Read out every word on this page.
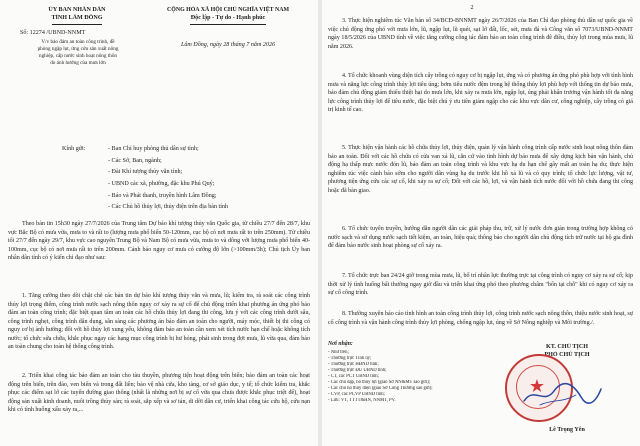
ỦY BAN NHÂN DÂN
TỈNH LÂM ĐỒNG
Số: 12274 /UBND-NNMT
V/v bảo đảm an toàn công trình, đề
phòng ngập lụt, ứng cứu sản xuất nông
nghiệp, cấp nước sinh hoạt nông thôn
do ảnh hưởng của mưa lớn
CỘNG HÒA XÃ HỘI CHỦ NGHĨA VIỆT NAM
Độc lập - Tự do - Hạnh phúc
Lâm Đồng, ngày 28 tháng 7 năm 2026
Kính gửi:	- Ban Chỉ huy phòng thủ dân sự tỉnh;
- Các Sở, Ban, ngành;
- Đài Khí tượng thủy văn tỉnh;
- UBND các xã, phường, đặc khu Phú Quý;
- Báo và Phát thanh, truyền hình Lâm Đồng;
- Các Chủ hồ thủy lợi, thủy điện trên địa bàn tỉnh
Theo bản tin 15h30 ngày 27/7/2026 của Trung tâm Dự báo khí tượng thủy văn Quốc gia, từ chiều 27/7 đến 28/7, khu vực Bắc Bộ có mưa vừa, mưa to và rất to (lượng mưa phổ biến 50-120mm, cục bộ có nơi mưa rất to trên 250mm). Từ chiều tối 27/7 đến ngày 29/7, khu vực cao nguyên Trung Bộ và Nam Bộ có mưa vừa, mưa to và dông với lượng mưa phổ biến 40-100mm, cục bộ có nơi mưa rất to trên 200mm. Cảnh báo nguy cơ mưa có cường độ lớn (>100mm/3h); Chủ tịch Ủy ban nhân dân tỉnh có ý kiến chỉ đạo như sau:
1. Tăng cường theo dõi chặt chẽ các bản tin dự báo khí tượng thủy văn và mưa, lũ; kiểm tra, rà soát các công trình thủy lợi trọng điểm, công trình nước sạch nông thôn nguy cơ xảy ra sự cố để chủ động triển khai phương án ứng phó bảo đảm an toàn công trình; đặc biệt quan tâm an toàn các hồ chứa thủy lợi đang thi công, lưu ý với các công trình dưới sâu, công trình nghẹt, công trình dân dụng, sẵn sàng các phương án bảo đảm an toàn cho người, máy móc, thiết bị thi công có nguy cơ bị ảnh hưởng; đối với hồ thủy lợi xung yếu, không đảm bảo an toàn cần xem xét tích nước hạn chế hoặc không tích nước; tổ chức sửa chữa, khắc phục ngay các hạng mục công trình bị hư hỏng, phát sinh trong đợt mưa, lũ vừa qua, đảm bảo an toàn chung cho toàn hệ thống công trình.
2. Triển khai công tác bảo đảm an toàn cho tàu thuyền, phương tiện hoạt động trên biển; bảo đảm an toàn các hoạt động trên biển, trên đảo, ven biển và trong đất liền; bảo vệ nhà cửa, kho tàng, cơ sở giáo dục, y tế; tổ chức kiểm tra, khắc phục các điểm sạt lở các tuyến đường giao thông (nhất là những nơi bị sự cố vừa qua chưa được khắc phục triệt để), hoạt động sản xuất kinh doanh, nuôi trồng thủy sản; rà soát, sắp xếp và sơ tán, di dời dân cư, triển khai công tác cứu hộ, cứu nạn khi có tình huống xấu xảy ra,...
2
3. Thực hiện nghiêm túc Văn bản số 34/BCĐ-BNNMT ngày 26/7/2026 của Ban Chỉ đạo phòng thủ dân sự quốc gia về việc chủ động ứng phó với mưa lớn, lũ, ngập lụt, lũ quét, sạt lở đất, lốc, sét, mưa đá và Công văn số 7073/UBND-NNMT ngày 18/5/2026 của UBND tỉnh về việc tăng cường công tác đảm bảo an toàn công trình đê điều, thủy lợi trong mùa mưa, lũ năm 2026.
4. Tổ chức khoanh vùng diện tích cây trồng có nguy cơ bị ngập lụt, ứng và có phương án ứng phó phù hợp với tình hình mưa và năng lực công trình thủy lợi tiêu úng; bơm tiêu nước đệm trong hệ thống thủy lợi phù hợp với thống tin dự báo mưa, bảo đảm chủ động giảm thiểu thiệt hại do mưa lớn, khi xảy ra mưa lớn, ngập lụt, úng phải khẩn trương vận hành tối đa năng lực công trình thủy lợi để tiêu nước, đặc biệt chú ý ưu tiên giảm ngập cho các khu vực dân cư, công nghiệp, cây trồng có giá trị kinh tế cao.
5. Thực hiện vận hành các hồ chứa thủy lợi, thủy điện, quản lý vận hành công trình cấp nước sinh hoạt nông thôn đảm bảo an toàn. Đối với các hồ chứa có cửa van xả lũ, căn cứ vào tình hình dự báo mưa để xây dựng kịch bản vận hành, chủ động hạ thấp mực nước đón lũ, bảo đảm an toàn công trình và khu vực hạ du hạn chế gây mất an toàn hạ du; thực hiện nghiêm túc việc cảnh báo sớm cho người dân vùng hạ du trước khi hồ xả lũ và có quy trình; tổ chức lực lượng, vật tư, phương tiện ứng cứu các sự cố, khi xảy ra sự cố; Đối với các hồ, lợi, và vận hành tích nước đối với hồ chứa đang thi công hoặc đã bàn giao.
6. Tổ chức tuyên truyền, hướng dẫn người dân các giải pháp thu, trữ, xử lý nước đơn giản trong trường hợp không có nước sạch và sử dụng nước sạch tiết kiệm, an toàn, hiệu quả; thông báo cho người dân chủ động tích trữ nước tại hộ gia đình để đảm bảo nước sinh hoạt phòng sự cố xảy ra.
7. Tổ chức trực ban 24/24 giờ trong mùa mưa, lũ, bố trí nhân lực thường trực tại công trình có nguy cơ xảy ra sự cố; kịp thời xử lý tình huống bất thường ngay giờ đầu và triển khai ứng phó theo phương châm "bốn tại chỗ" khi có nguy cơ xảy ra sự cố công trình.
8. Thường xuyên báo cáo tình hình an toàn công trình thủy lợi, công trình nước sạch nông thôn, thiệu nước sinh hoạt, sự cố công trình và vận hành công trình thủy lợi phòng, chống ngập lụt, úng về Sở Nông nghiệp và Môi trường./.
Nơi nhận:
- Như trên;
- Thường trực Tỉnh ủy;
- Thường trực HĐND tỉnh;
- Thường trực ĐU UBND tỉnh;
- CT, các PCT UBND tỉnh;
- Các chủ đập, hồ thủy lợi (giao Sở NN&MT sao gửi);
- Các chủ hồ thủy điện (giao Sở Công Thương sao gửi);
- CVP, các PCVP UBND tỉnh;
- Lưu: VT, TTTT&HN, NNMT, PV.
KT. CHỦ TỊCH
PHÓ CHỦ TỊCH
★
Lê Trọng Yên
